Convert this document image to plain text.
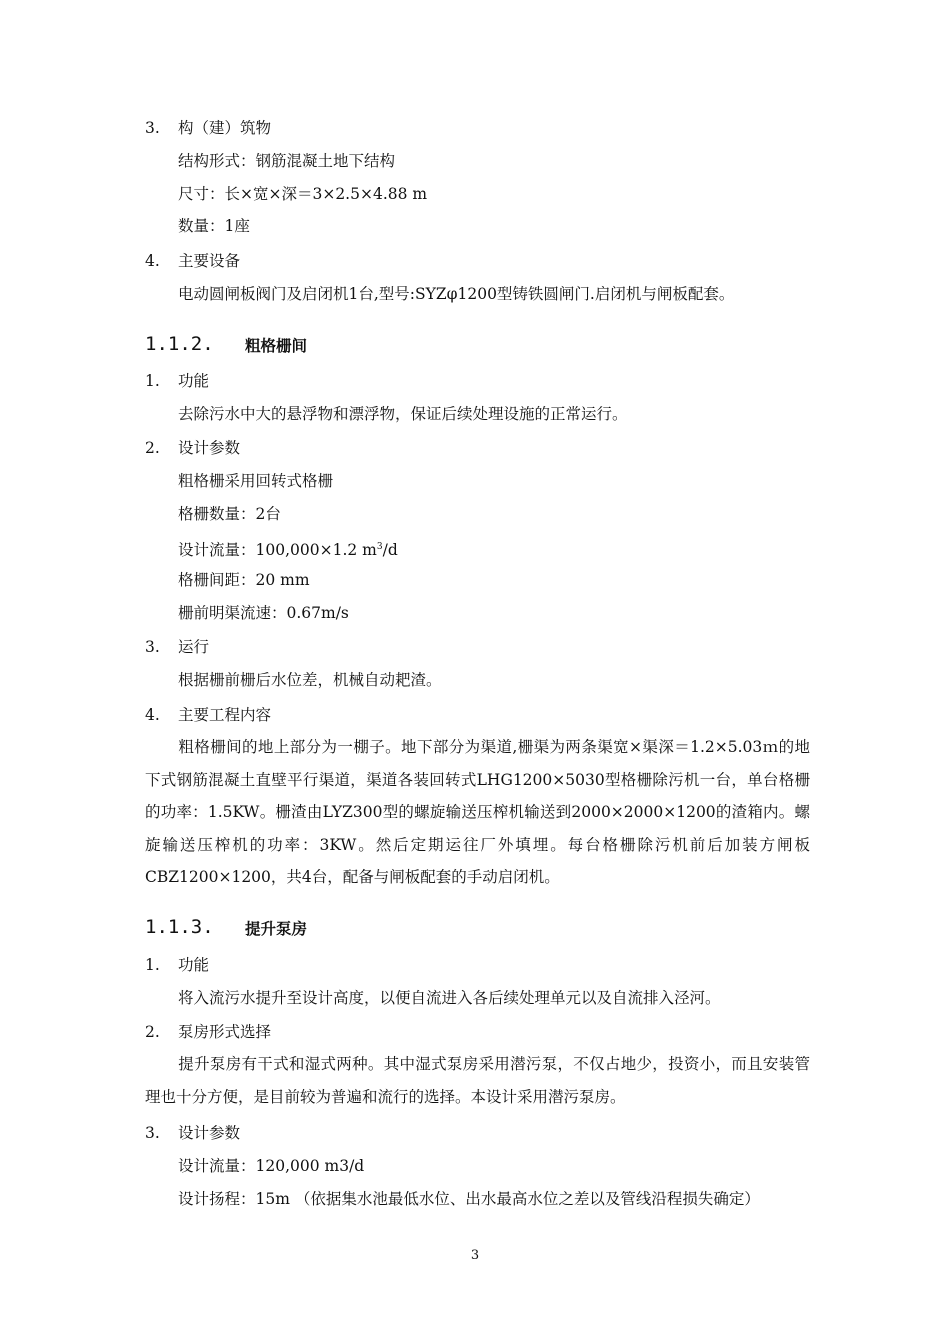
3. 构（建）筑物
结构形式：钢筋混凝土地下结构
尺寸：长×宽×深＝3×2.5×4.88 m
数量：1座
4. 主要设备
电动圆闸板阀门及启闭机1台,型号:SYZφ1200型铸铁圆闸门.启闭机与闸板配套。
1.1.2. 粗格栅间
1. 功能
去除污水中大的悬浮物和漂浮物，保证后续处理设施的正常运行。
2. 设计参数
粗格栅采用回转式格栅
格栅数量：2台
设计流量：100,000×1.2 $m^3/d$
格栅间距：20 mm
栅前明渠流速：0.67m/s
3. 运行
根据栅前栅后水位差，机械自动耙渣。
4. 主要工程内容
粗格栅间的地上部分为一棚子。地下部分为渠道,栅渠为两条渠宽×渠深＝1.2×5.03ｍ的地下式钢筋混凝土直壁平行渠道，渠道各装回转式LHG1200×5030型格栅除污机一台，单台格栅的功率：1.5KW。栅渣由LYZ300型的螺旋输送压榨机输送到2000×2000×1200的渣箱内。螺旋输送压榨机的功率：3KW。然后定期运往厂外填埋。每台格栅除污机前后加装方闸板CBZ1200×1200，共4台，配备与闸板配套的手动启闭机。
1.1.3. 提升泵房
1. 功能
将入流污水提升至设计高度，以便自流进入各后续处理单元以及自流排入泾河。
2. 泵房形式选择
提升泵房有干式和湿式两种。其中湿式泵房采用潜污泵，不仅占地少，投资小，而且安装管理也十分方便，是目前较为普遍和流行的选择。本设计采用潜污泵房。
3. 设计参数
设计流量：120,000 m3/d
设计扬程：15m （依据集水池最低水位、出水最高水位之差以及管线沿程损失确定）
3
